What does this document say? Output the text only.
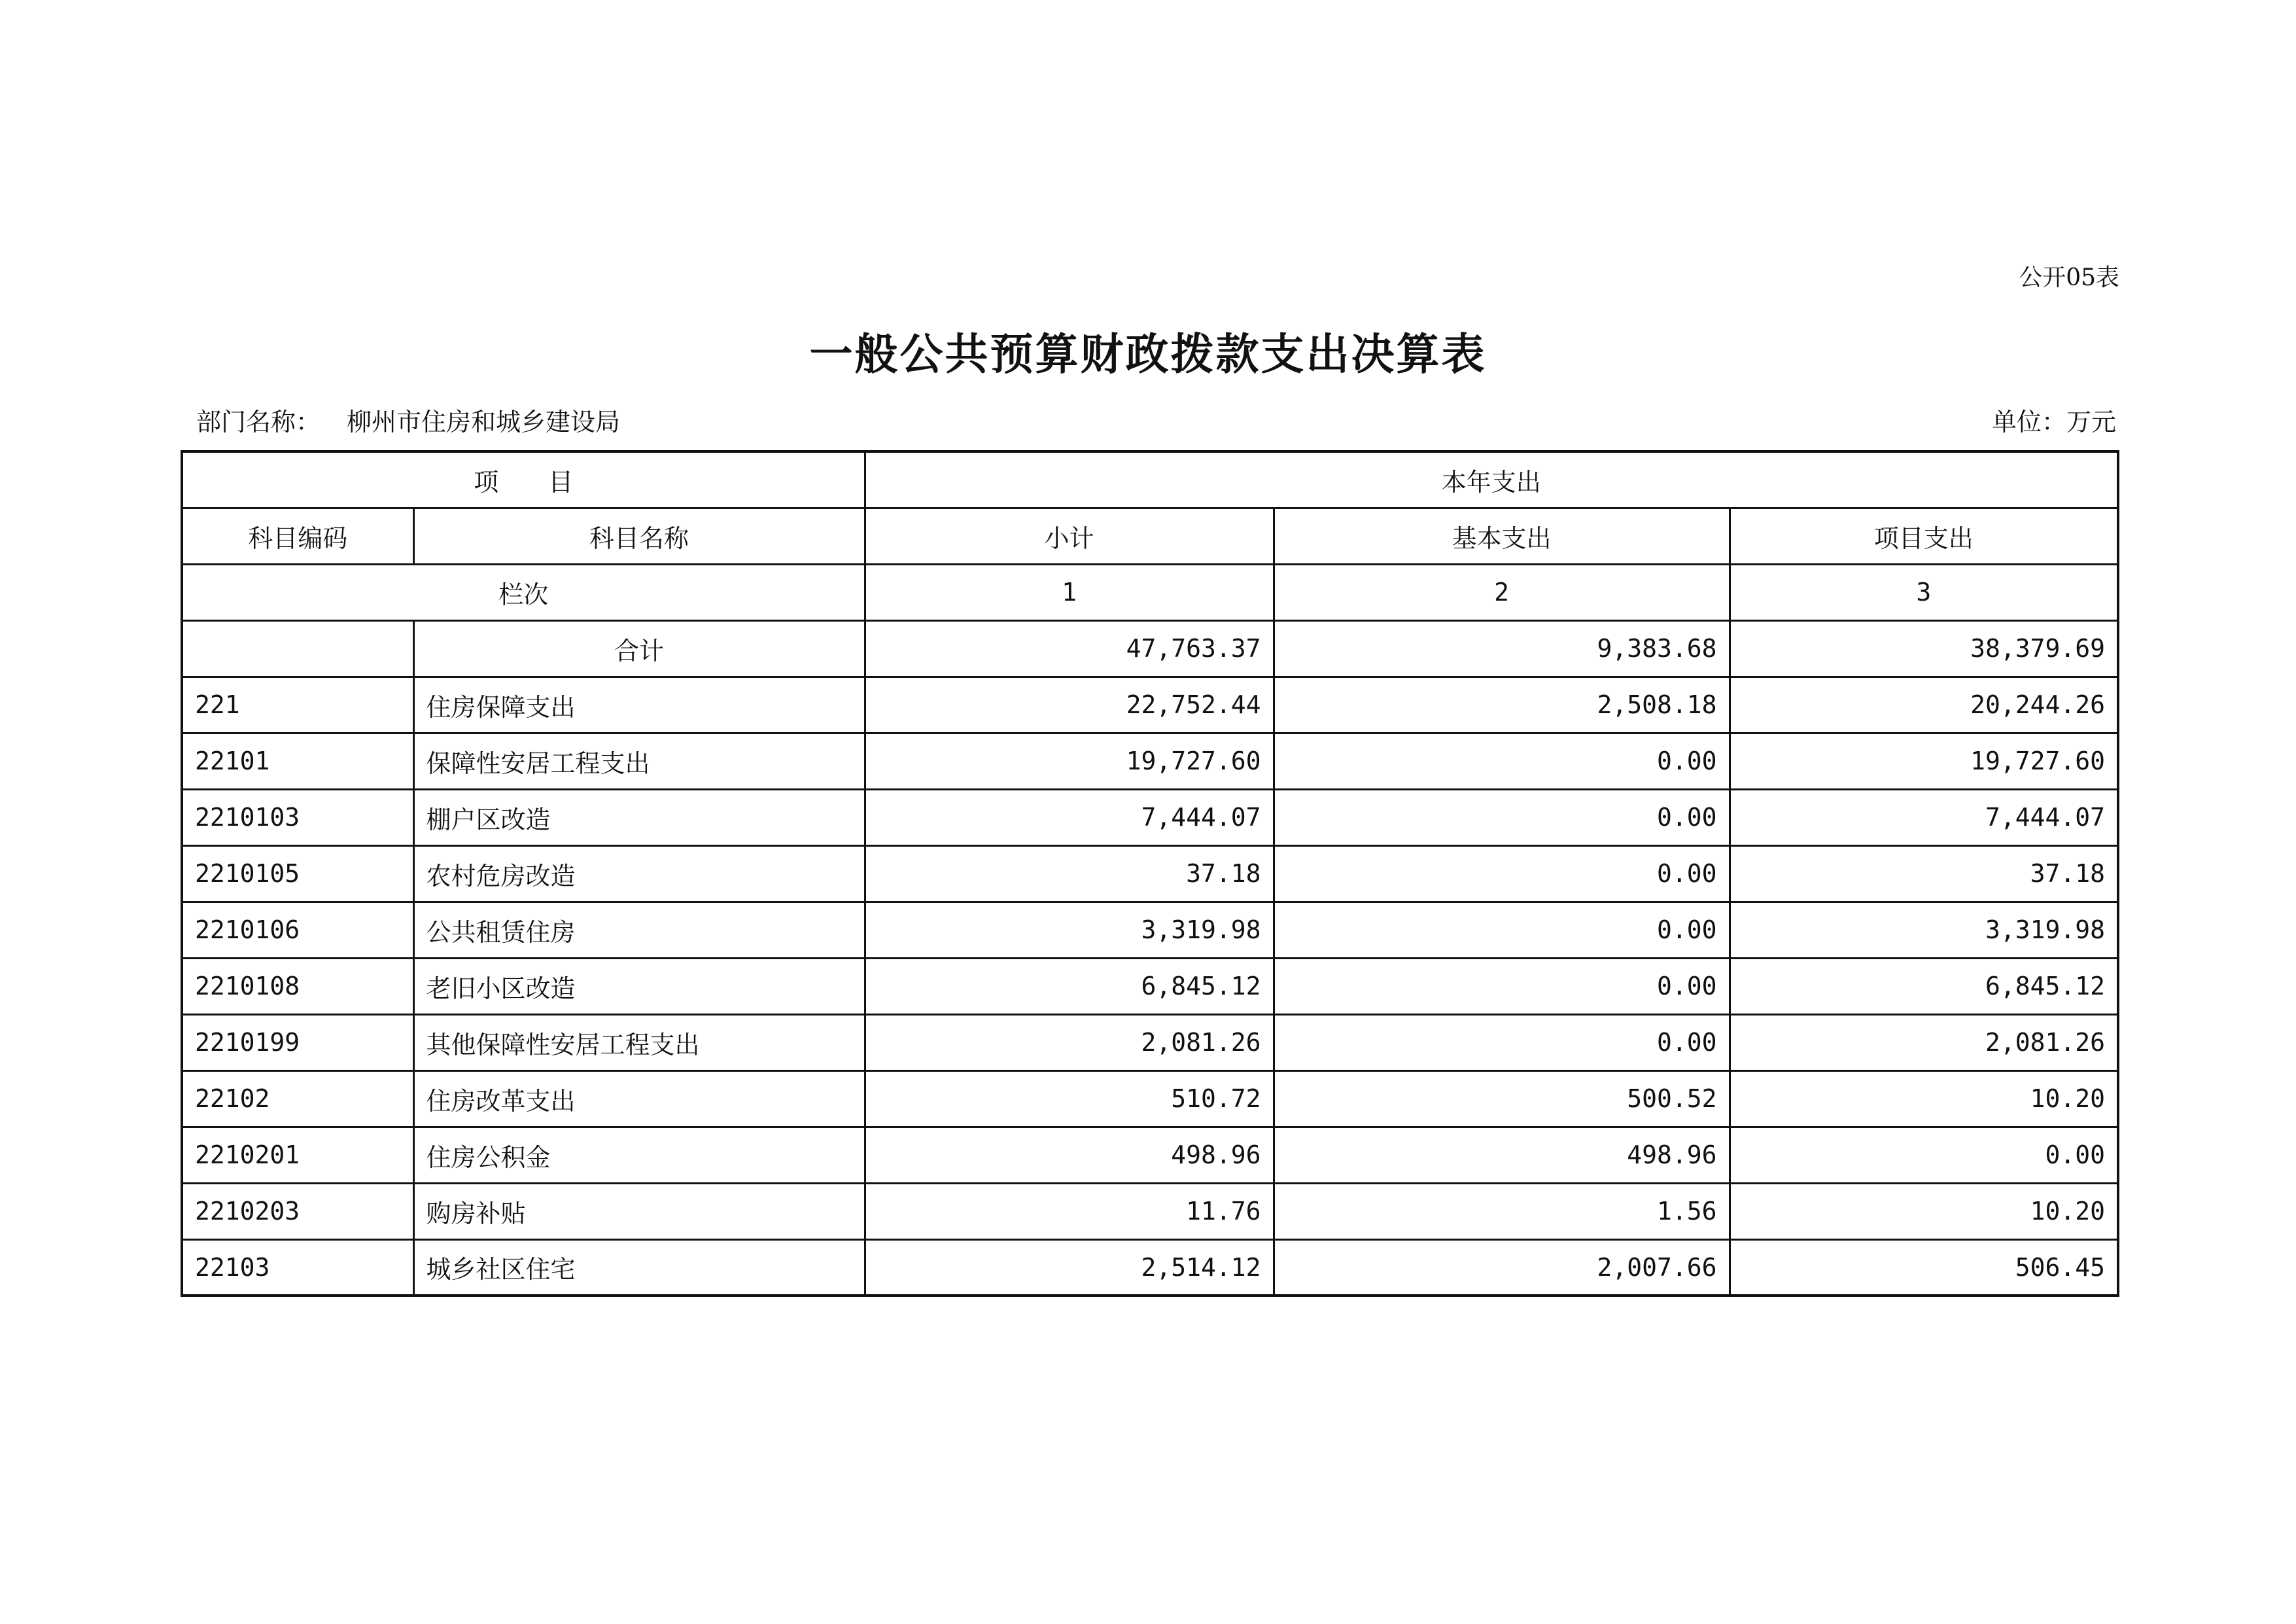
公开05表
一般公共预算财政拨款支出决算表
部门名称： 柳州市住房和城乡建设局	单位：万元
项　　目		本年支出		
科目编码	科目名称	小计	基本支出	项目支出
栏次		1	2	3
	合计	47,763.37	9,383.68	38,379.69
221	住房保障支出	22,752.44	2,508.18	20,244.26
22101	保障性安居工程支出	19,727.60	0.00	19,727.60
2210103	棚户区改造	7,444.07	0.00	7,444.07
2210105	农村危房改造	37.18	0.00	37.18
2210106	公共租赁住房	3,319.98	0.00	3,319.98
2210108	老旧小区改造	6,845.12	0.00	6,845.12
2210199	其他保障性安居工程支出	2,081.26	0.00	2,081.26
22102	住房改革支出	510.72	500.52	10.20
2210201	住房公积金	498.96	498.96	0.00
2210203	购房补贴	11.76	1.56	10.20
22103	城乡社区住宅	2,514.12	2,007.66	506.45
